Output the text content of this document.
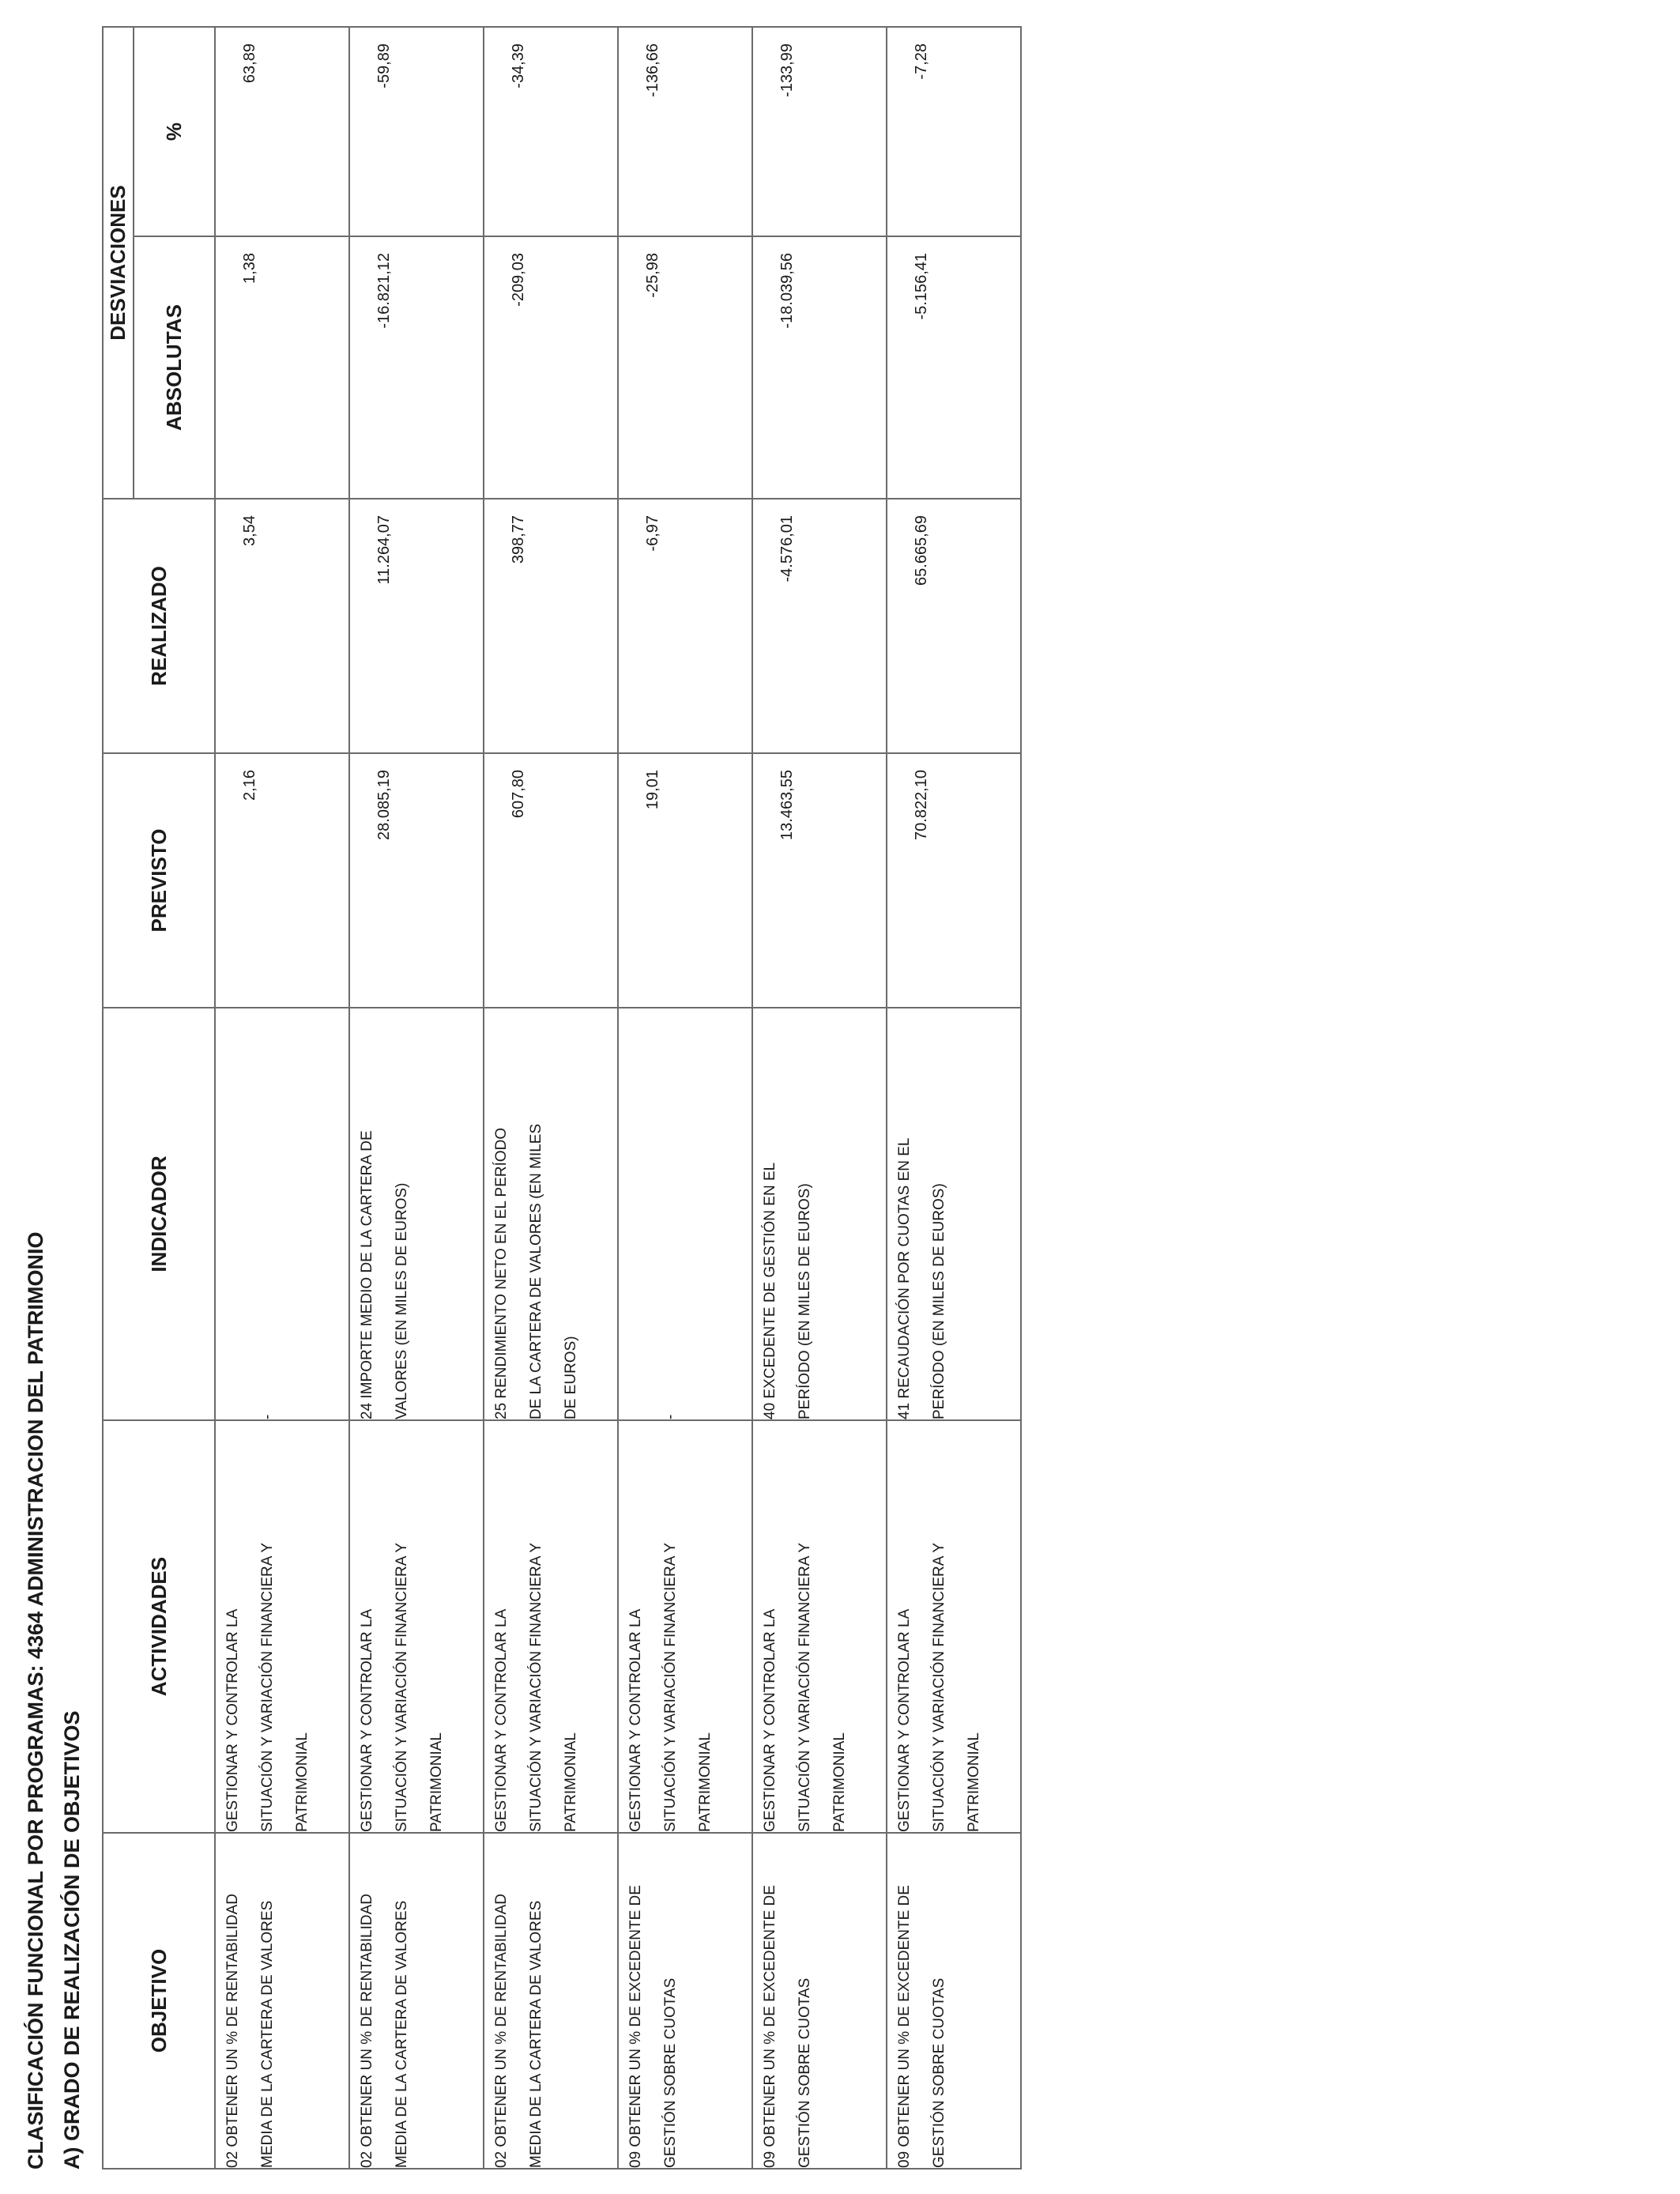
CLASIFICACIÓN FUNCIONAL POR PROGRAMAS: 4364 ADMINISTRACION DEL PATRIMONIO A) GRADO DE REALIZACIÓN DE OBJETIVOS	OBJETIVO	ACTIVIDADES	INDICADOR	PREVISTO	REALIZADO	DESVIACIONES	
					ABSOLUTAS	%

02 OBTENER UN % DE RENTABILIDAD MEDIA DE LA CARTERA DE VALORES	GESTIONAR Y CONTROLAR LA SITUACIÓN Y VARIACIÓN FINANCIERA Y PATRIMONIAL	-	2,16	3,54	1,38	63,89

02 OBTENER UN % DE RENTABILIDAD MEDIA DE LA CARTERA DE VALORES	GESTIONAR Y CONTROLAR LA SITUACIÓN Y VARIACIÓN FINANCIERA Y PATRIMONIAL	24 IMPORTE MEDIO DE LA CARTERA DE VALORES (EN MILES DE EUROS)	28.085,19	11.264,07	-16.821,12	-59,89

02 OBTENER UN % DE RENTABILIDAD MEDIA DE LA CARTERA DE VALORES	GESTIONAR Y CONTROLAR LA SITUACIÓN Y VARIACIÓN FINANCIERA Y PATRIMONIAL	25 RENDIMIENTO NETO EN EL PERÍODO DE LA CARTERA DE VALORES (EN MILES DE EUROS)	607,80	398,77	-209,03	-34,39

09 OBTENER UN % DE EXCEDENTE DE GESTIÓN SOBRE CUOTAS	GESTIONAR Y CONTROLAR LA SITUACIÓN Y VARIACIÓN FINANCIERA Y PATRIMONIAL	-	19,01	-6,97	-25,98	-136,66

09 OBTENER UN % DE EXCEDENTE DE GESTIÓN SOBRE CUOTAS	GESTIONAR Y CONTROLAR LA SITUACIÓN Y VARIACIÓN FINANCIERA Y PATRIMONIAL	40 EXCEDENTE DE GESTIÓN EN EL PERÍODO (EN MILES DE EUROS)	13.463,55	-4.576,01	-18.039,56	-133,99

09 OBTENER UN % DE EXCEDENTE DE GESTIÓN SOBRE CUOTAS	GESTIONAR Y CONTROLAR LA SITUACIÓN Y VARIACIÓN FINANCIERA Y PATRIMONIAL	41 RECAUDACIÓN POR CUOTAS EN EL PERÍODO (EN MILES DE EUROS)	70.822,10	65.665,69	-5.156,41	-7,28
